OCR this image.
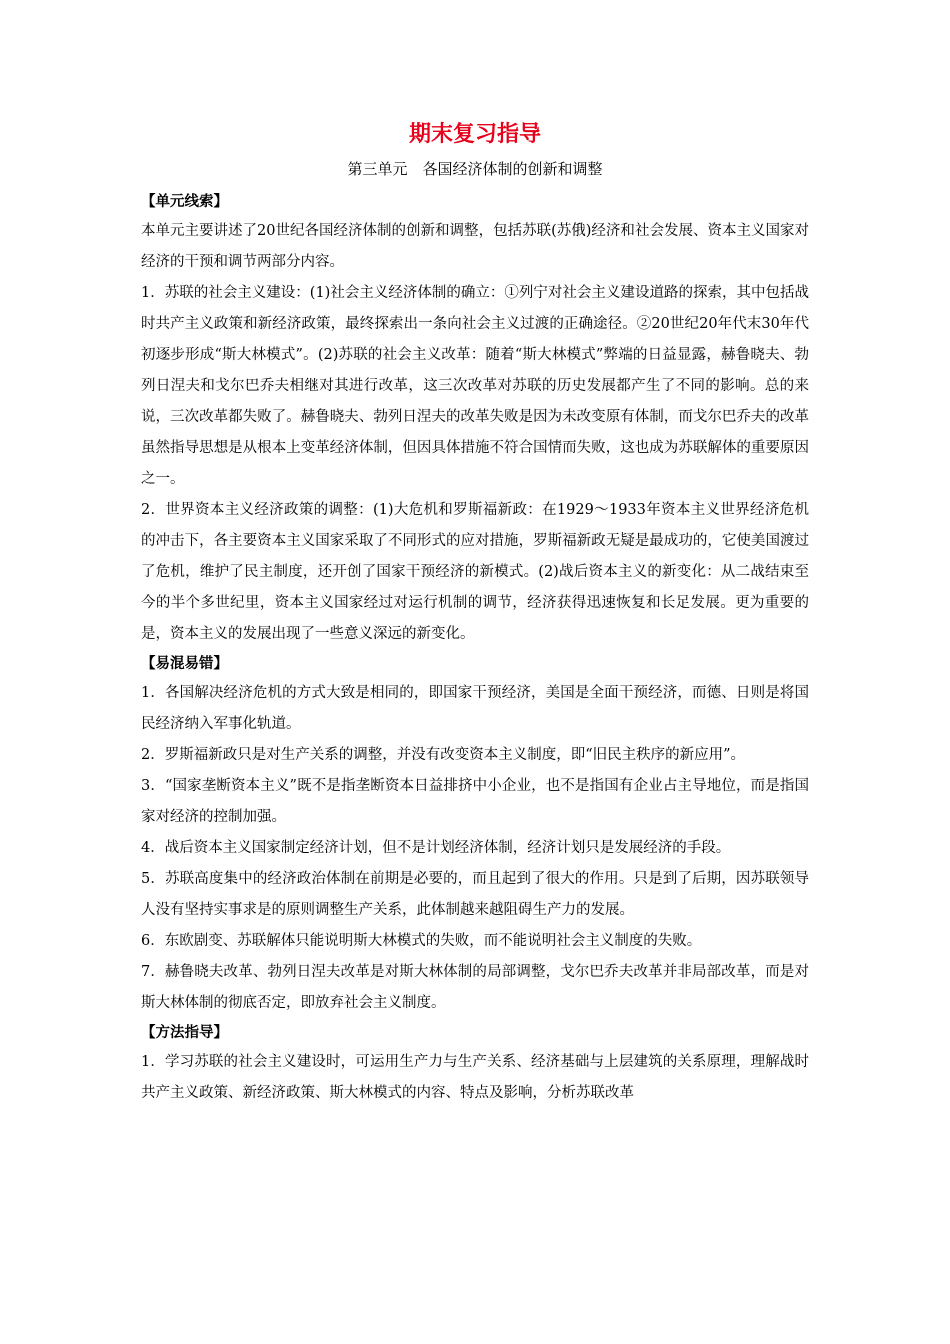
期末复习指导
第三单元　各国经济体制的创新和调整
【单元线索】

本单元主要讲述了20世纪各国经济体制的创新和调整，包括苏联(苏俄)经济和社会发展、资本主义国家对经济的干预和调节两部分内容。

1．苏联的社会主义建设：(1)社会主义经济体制的确立：①列宁对社会主义建设道路的探索，其中包括战时共产主义政策和新经济政策，最终探索出一条向社会主义过渡的正确途径。②20世纪20年代末30年代初逐步形成“斯大林模式”。(2)苏联的社会主义改革：随着“斯大林模式”弊端的日益显露，赫鲁晓夫、勃列日涅夫和戈尔巴乔夫相继对其进行改革，这三次改革对苏联的历史发展都产生了不同的影响。总的来说，三次改革都失败了。赫鲁晓夫、勃列日涅夫的改革失败是因为未改变原有体制，而戈尔巴乔夫的改革虽然指导思想是从根本上变革经济体制，但因具体措施不符合国情而失败，这也成为苏联解体的重要原因之一。

2．世界资本主义经济政策的调整：(1)大危机和罗斯福新政：在1929～1933年资本主义世界经济危机的冲击下，各主要资本主义国家采取了不同形式的应对措施，罗斯福新政无疑是最成功的，它使美国渡过了危机，维护了民主制度，还开创了国家干预经济的新模式。(2)战后资本主义的新变化：从二战结束至今的半个多世纪里，资本主义国家经过对运行机制的调节，经济获得迅速恢复和长足发展。更为重要的是，资本主义的发展出现了一些意义深远的新变化。

【易混易错】

1．各国解决经济危机的方式大致是相同的，即国家干预经济，美国是全面干预经济，而德、日则是将国民经济纳入军事化轨道。

2．罗斯福新政只是对生产关系的调整，并没有改变资本主义制度，即“旧民主秩序的新应用”。

3．“国家垄断资本主义”既不是指垄断资本日益排挤中小企业，也不是指国有企业占主导地位，而是指国家对经济的控制加强。

4．战后资本主义国家制定经济计划，但不是计划经济体制，经济计划只是发展经济的手段。

5．苏联高度集中的经济政治体制在前期是必要的，而且起到了很大的作用。只是到了后期，因苏联领导人没有坚持实事求是的原则调整生产关系，此体制越来越阻碍生产力的发展。

6．东欧剧变、苏联解体只能说明斯大林模式的失败，而不能说明社会主义制度的失败。

7．赫鲁晓夫改革、勃列日涅夫改革是对斯大林体制的局部调整，戈尔巴乔夫改革并非局部改革，而是对斯大林体制的彻底否定，即放弃社会主义制度。

【方法指导】

1．学习苏联的社会主义建设时，可运用生产力与生产关系、经济基础与上层建筑的关系原理，理解战时共产主义政策、新经济政策、斯大林模式的内容、特点及影响，分析苏联改革
